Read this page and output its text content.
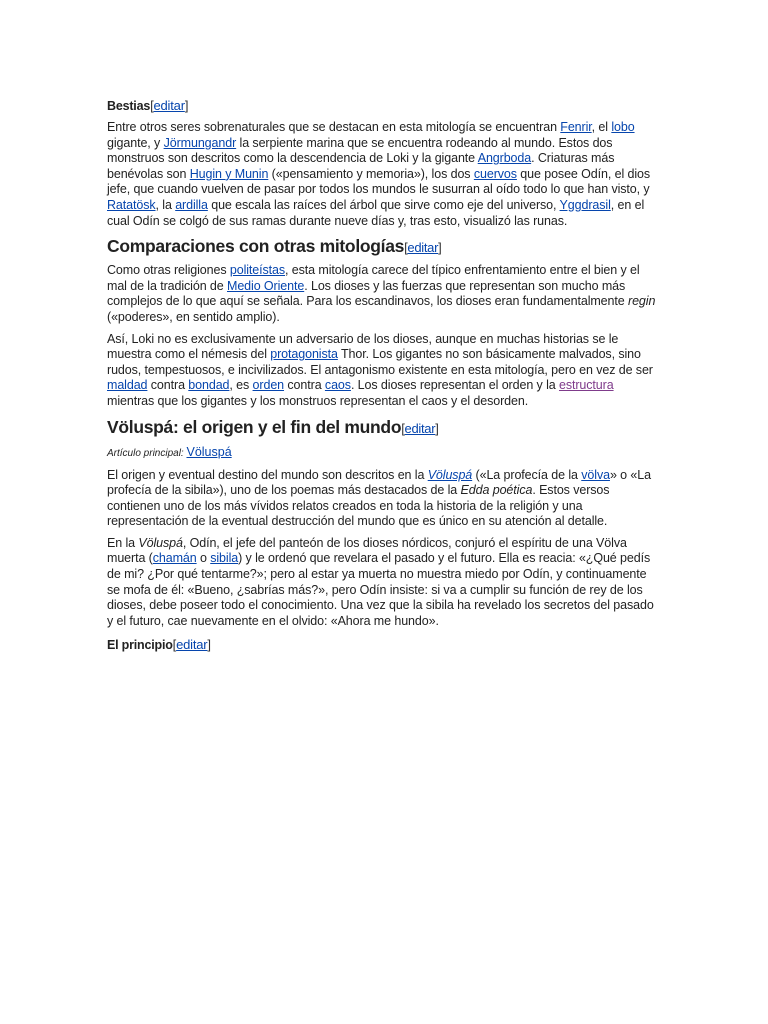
Bestias[editar]

Entre otros seres sobrenaturales que se destacan en esta mitología se encuentran Fenrir, el lobo gigante, y Jörmungandr la serpiente marina que se encuentra rodeando al mundo. Estos dos monstruos son descritos como la descendencia de Loki y la gigante Angrboda. Criaturas más benévolas son Hugin y Munin («pensamiento y memoria»), los dos cuervos que posee Odín, el dios jefe, que cuando vuelven de pasar por todos los mundos le susurran al oído todo lo que han visto, y Ratatösk, la ardilla que escala las raíces del árbol que sirve como eje del universo, Yggdrasil, en el cual Odín se colgó de sus ramas durante nueve días y, tras esto, visualizó las runas.

Comparaciones con otras mitologías[editar]

Como otras religiones politeístas, esta mitología carece del típico enfrentamiento entre el bien y el mal de la tradición de Medio Oriente. Los dioses y las fuerzas que representan son mucho más complejos de lo que aquí se señala. Para los escandinavos, los dioses eran fundamentalmente regin («poderes», en sentido amplio).

Así, Loki no es exclusivamente un adversario de los dioses, aunque en muchas historias se le muestra como el némesis del protagonista Thor. Los gigantes no son básicamente malvados, sino rudos, tempestuosos, e incivilizados. El antagonismo existente en esta mitología, pero en vez de ser maldad contra bondad, es orden contra caos. Los dioses representan el orden y la estructura mientras que los gigantes y los monstruos representan el caos y el desorden.

Völuspá: el origen y el fin del mundo[editar]
Artículo principal: Völuspá

El origen y eventual destino del mundo son descritos en la Völuspá («La profecía de la völva» o «La profecía de la sibila»), uno de los poemas más destacados de la Edda poética. Estos versos contienen uno de los más vívidos relatos creados en toda la historia de la religión y una representación de la eventual destrucción del mundo que es único en su atención al detalle.

En la Völuspá, Odín, el jefe del panteón de los dioses nórdicos, conjuró el espíritu de una Völva muerta (chamán o sibila) y le ordenó que revelara el pasado y el futuro. Ella es reacia: «¿Qué pedís de mi? ¿Por qué tentarme?»; pero al estar ya muerta no muestra miedo por Odín, y continuamente se mofa de él: «Bueno, ¿sabrías más?», pero Odín insiste: si va a cumplir su función de rey de los dioses, debe poseer todo el conocimiento. Una vez que la sibila ha revelado los secretos del pasado y el futuro, cae nuevamente en el olvido: «Ahora me hundo».

El principio[editar]
